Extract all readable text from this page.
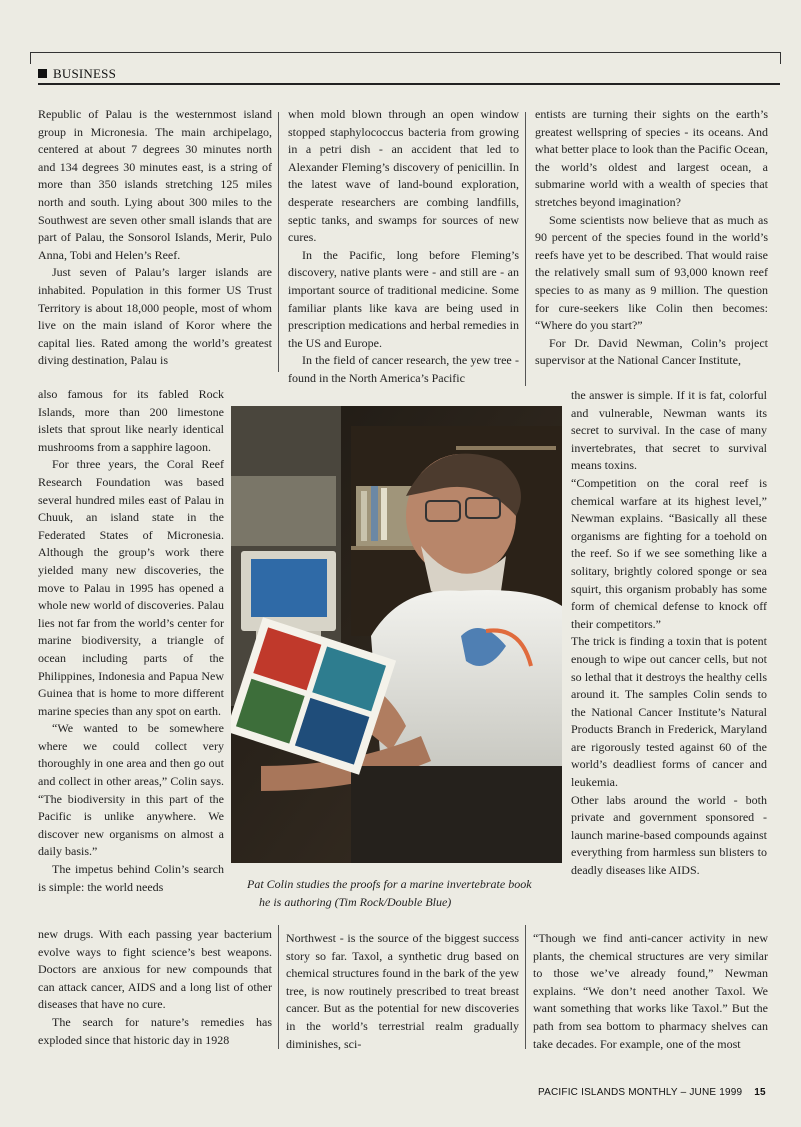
BUSINESS

Republic of Palau is the westernmost island group in Micronesia. The main archipelago, centered at about 7 degrees 30 minutes north and 134 degrees 30 minutes east, is a string of more than 350 islands stretching 125 miles north and south. Lying about 300 miles to the Southwest are seven other small islands that are part of Palau, the Sonsorol Islands, Merir, Pulo Anna, Tobi and Helen’s Reef.

Just seven of Palau’s larger islands are inhabited. Population in this former US Trust Territory is about 18,000 people, most of whom live on the main island of Koror where the capital lies. Rated among the world’s greatest diving destination, Palau is

also famous for its fabled Rock Islands, more than 200 limestone islets that sprout like nearly identical mushrooms from a sapphire lagoon.

For three years, the Coral Reef Research Foundation was based several hundred miles east of Palau in Chuuk, an island state in the Federated States of Micronesia. Although the group’s work there yielded many new discoveries, the move to Palau in 1995 has opened a whole new world of discoveries. Palau lies not far from the world’s center for marine biodiversity, a triangle of ocean including parts of the Philippines, Indonesia and Papua New Guinea that is home to more different marine species than any spot on earth.

“We wanted to be somewhere where we could collect very thoroughly in one area and then go out and collect in other areas,” Colin says. “The biodiversity in this part of the Pacific is unlike anywhere. We discover new organisms on almost a daily basis.”

The impetus behind Colin’s search is simple: the world needs

new drugs. With each passing year bacterium evolve ways to fight science’s best weapons. Doctors are anxious for new compounds that can attack cancer, AIDS and a long list of other diseases that have no cure.

The search for nature’s remedies has exploded since that historic day in 1928

when mold blown through an open window stopped staphylococcus bacteria from growing in a petri dish - an accident that led to Alexander Fleming’s discovery of penicillin. In the latest wave of land-bound exploration, desperate researchers are combing landfills, septic tanks, and swamps for sources of new cures.

In the Pacific, long before Fleming’s discovery, native plants were - and still are - an important source of traditional medicine. Some familiar plants like kava are being used in prescription medications and herbal remedies in the US and Europe.

In the field of cancer research, the yew tree - found in the North America’s Pacific

Northwest - is the source of the biggest success story so far. Taxol, a synthetic drug based on chemical structures found in the bark of the yew tree, is now routinely prescribed to treat breast cancer. But as the potential for new discoveries in the world’s terrestrial realm gradually diminishes, sci-

entists are turning their sights on the earth’s greatest wellspring of species - its oceans. And what better place to look than the Pacific Ocean, the world’s oldest and largest ocean, a submarine world with a wealth of species that stretches beyond imagination?

Some scientists now believe that as much as 90 percent of the species found in the world’s reefs have yet to be described. That would raise the relatively small sum of 93,000 known reef species to as many as 9 million. The question for cure-seekers like Colin then becomes: “Where do you start?”

For Dr. David Newman, Colin’s project supervisor at the National Cancer Institute,

the answer is simple. If it is fat, colorful and vulnerable, Newman wants its secret to survival. In the case of many invertebrates, that secret to survival means toxins.

“Competition on the coral reef is chemical warfare at its highest level,” Newman explains. “Basically all these organisms are fighting for a toehold on the reef. So if we see something like a solitary, brightly colored sponge or sea squirt, this organism probably has some form of chemical defense to knock off their competitors.”

The trick is finding a toxin that is potent enough to wipe out cancer cells, but not so lethal that it destroys the healthy cells around it. The samples Colin sends to the National Cancer Institute’s Natural Products Branch in Frederick, Maryland are rigorously tested against 60 of the world’s deadliest forms of cancer and leukemia.

Other labs around the world - both private and government sponsored - launch marine-based compounds against everything from harmless sun blisters to deadly diseases like AIDS.

“Though we find anti-cancer activity in new plants, the chemical structures are very similar to those we’ve already found,” Newman explains. “We don’t need another Taxol. We want something that works like Taxol.” But the path from sea bottom to pharmacy shelves can take decades. For example, one of the most

Pat Colin studies the proofs for a marine invertebrate book
he is authoring (Tim Rock/Double Blue)
PACIFIC ISLANDS MONTHLY – JUNE 1999 15
